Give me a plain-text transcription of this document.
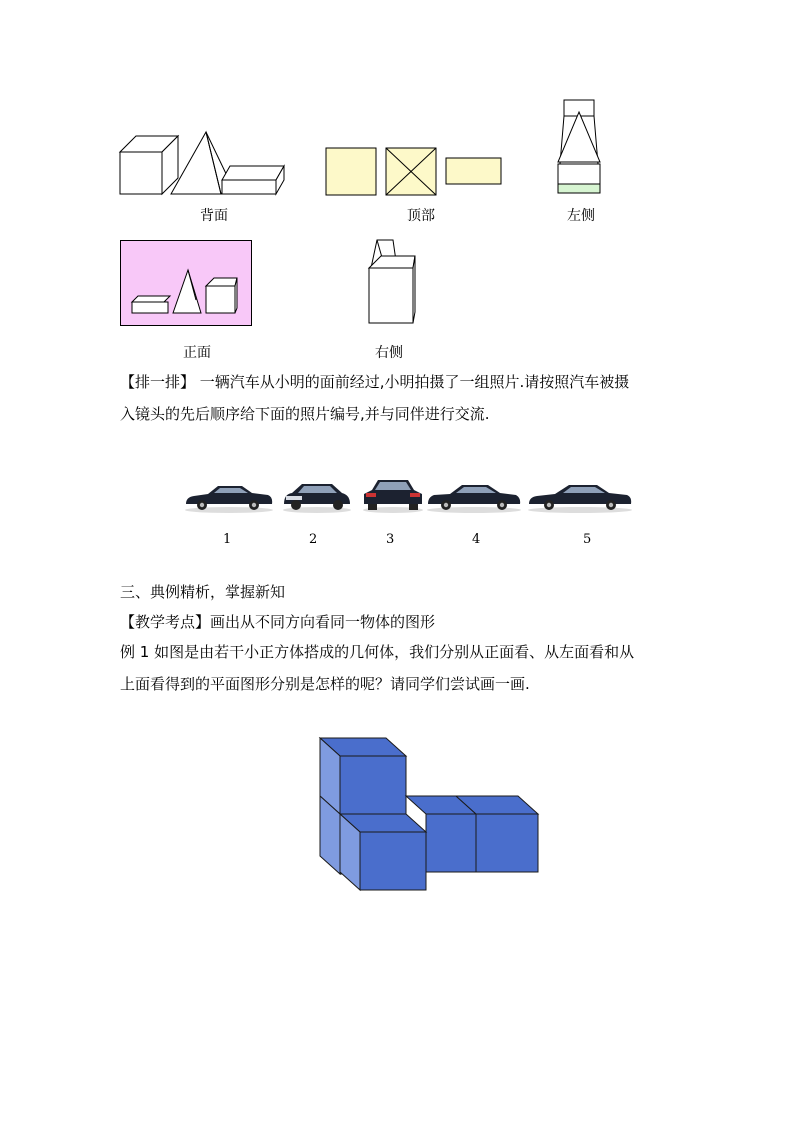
背面	顶部	左侧
正面	右侧
【排一排】 一辆汽车从小明的面前经过,小明拍摄了一组照片.请按照汽车被摄
入镜头的先后顺序给下面的照片编号,并与同伴进行交流.
1	2	3	4	5
三、典例精析，掌握新知
【教学考点】画出从不同方向看同一物体的图形
例 1 如图是由若干小正方体搭成的几何体，我们分别从正面看、从左面看和从
上面看得到的平面图形分别是怎样的呢？请同学们尝试画一画.
